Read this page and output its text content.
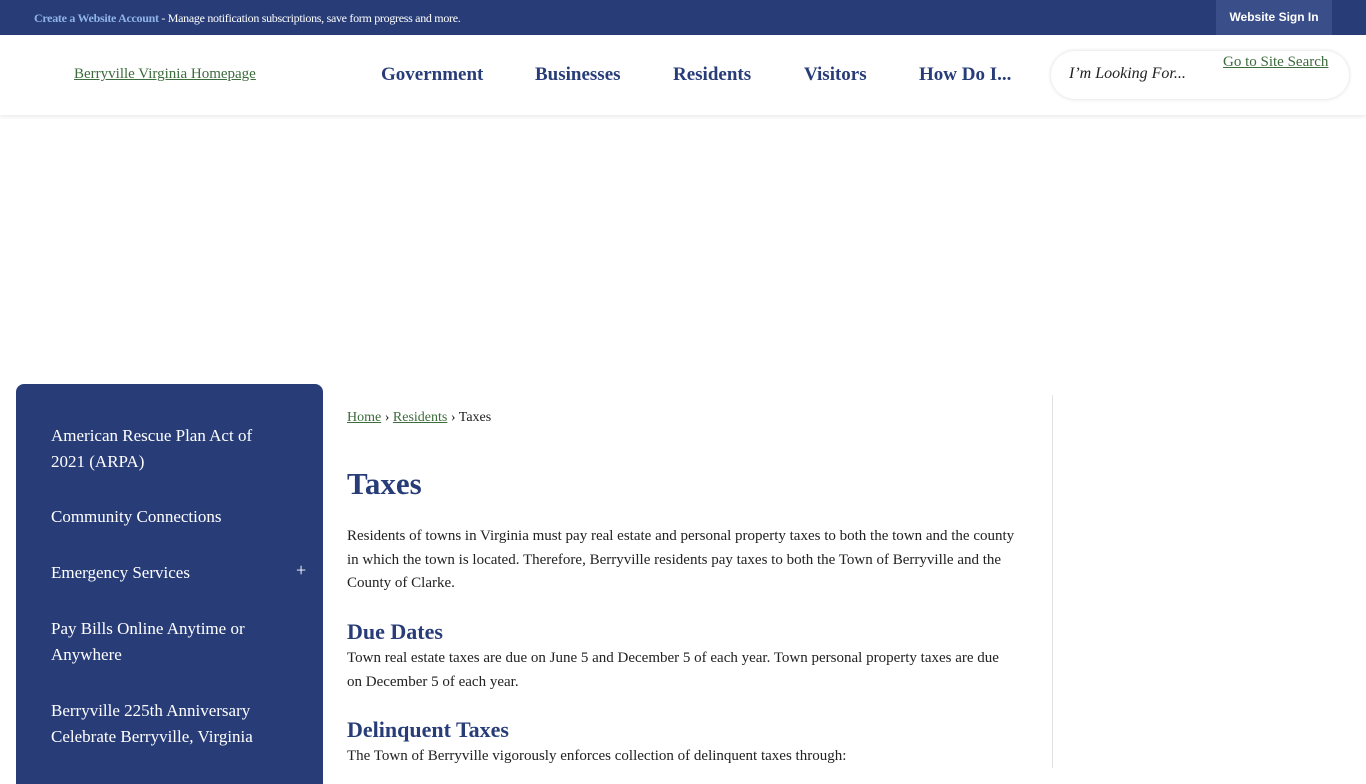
Create a Website Account - Manage notification subscriptions, save form progress and more.	Website Sign In
Berryville Virginia Homepage	Government	Businesses	Residents	Visitors	How Do I...
I’m Looking For...
Go to Site Search
American Rescue Plan Act of 2021 (ARPA)
Community Connections
Emergency Services	+
Pay Bills Online Anytime or Anywhere
Berryville 225th Anniversary Celebrate Berryville, Virginia
Home › Residents › Taxes
Taxes

Residents of towns in Virginia must pay real estate and personal property taxes to both the town and the county in which the town is located. Therefore, Berryville residents pay taxes to both the Town of Berryville and the County of Clarke.

Due Dates

Town real estate taxes are due on June 5 and December 5 of each year. Town personal property taxes are due on December 5 of each year.

Delinquent Taxes

The Town of Berryville vigorously enforces collection of delinquent taxes through:
